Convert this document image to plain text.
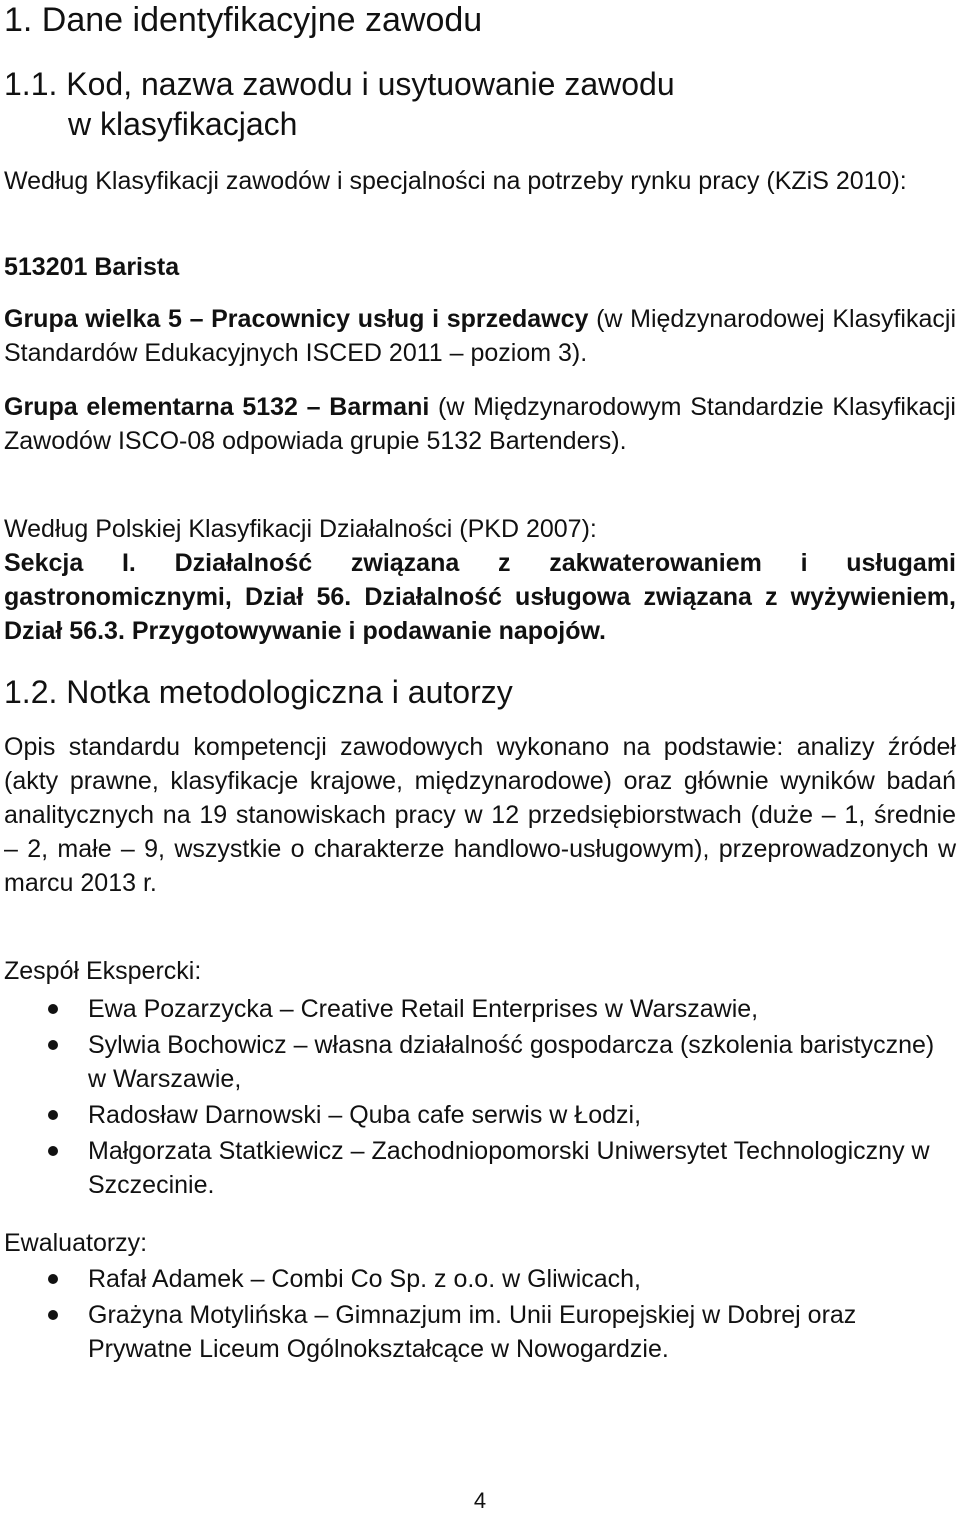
1. Dane identyfikacyjne zawodu
1.1. Kod, nazwa zawodu i usytuowanie zawodu
w klasyfikacjach

Według Klasyfikacji zawodów i specjalności na potrzeby rynku pracy (KZiS 2010):

513201 Barista

Grupa wielka 5 – Pracownicy usług i sprzedawcy (w Międzynarodowej Klasyfikacji Standardów Edukacyjnych ISCED 2011 – poziom 3).

Grupa elementarna 5132 – Barmani (w Międzynarodowym Standardzie Klasyfikacji Zawodów ISCO-08 odpowiada grupie 5132 Bartenders).

Według Polskiej Klasyfikacji Działalności (PKD 2007):

Sekcja I. Działalność związana z zakwaterowaniem i usługami gastronomicznymi, Dział 56. Działalność usługowa związana z wyżywieniem, Dział 56.3. Przygotowywanie i podawanie napojów.

1.2. Notka metodologiczna i autorzy

Opis standardu kompetencji zawodowych wykonano na podstawie: analizy źródeł (akty prawne, klasyfikacje krajowe, międzynarodowe) oraz głównie wyników badań analitycznych na 19 stanowiskach pracy w 12 przedsiębiorstwach (duże – 1, średnie – 2, małe – 9, wszystkie o charakterze handlowo-usługowym), przeprowadzonych w marcu 2013 r.

Zespół Ekspercki:

Ewa Pozarzycka – Creative Retail Enterprises w Warszawie,
Sylwia Bochowicz – własna działalność gospodarcza (szkolenia baristyczne) w Warszawie,
Radosław Darnowski – Quba cafe serwis w Łodzi,
Małgorzata Statkiewicz – Zachodniopomorski Uniwersytet Technologiczny w Szczecinie.

Ewaluatorzy:

Rafał Adamek – Combi Co Sp. z o.o. w Gliwicach,
Grażyna Motylińska – Gimnazjum im. Unii Europejskiej w Dobrej oraz Prywatne Liceum Ogólnokształcące w Nowogardzie.
4
